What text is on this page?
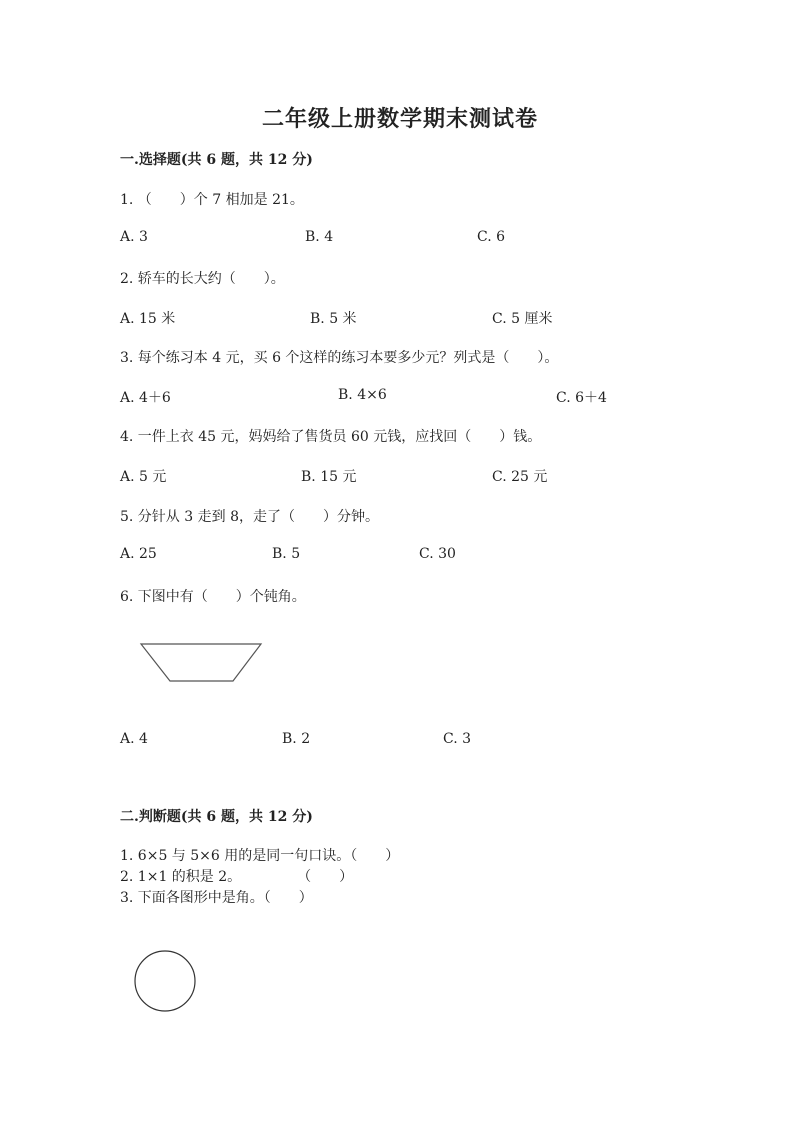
二年级上册数学期末测试卷
一.选择题(共 6 题，共 12 分)
1. （　　）个 7 相加是 21。
A. 3	B. 4	C. 6
2. 轿车的长大约（　　）。
A. 15 米	B. 5 米	C. 5 厘米
3. 每个练习本 4 元，买 6 个这样的练习本要多少元？列式是（　　）。
A. 4＋6	B. 4×6	C. 6＋4
4. 一件上衣 45 元，妈妈给了售货员 60 元钱，应找回（　　）钱。
A. 5 元	B. 15 元	C. 25 元
5. 分针从 3 走到 8，走了（　　）分钟。
A. 25	B. 5	C. 30
6. 下图中有（　　）个钝角。
A. 4	B. 2	C. 3
二.判断题(共 6 题，共 12 分)
1. 6×5 与 5×6 用的是同一句口诀。（　　）
2. 1×1 的积是 2。　　　　　（　　）
3. 下面各图形中是角。（　　）
